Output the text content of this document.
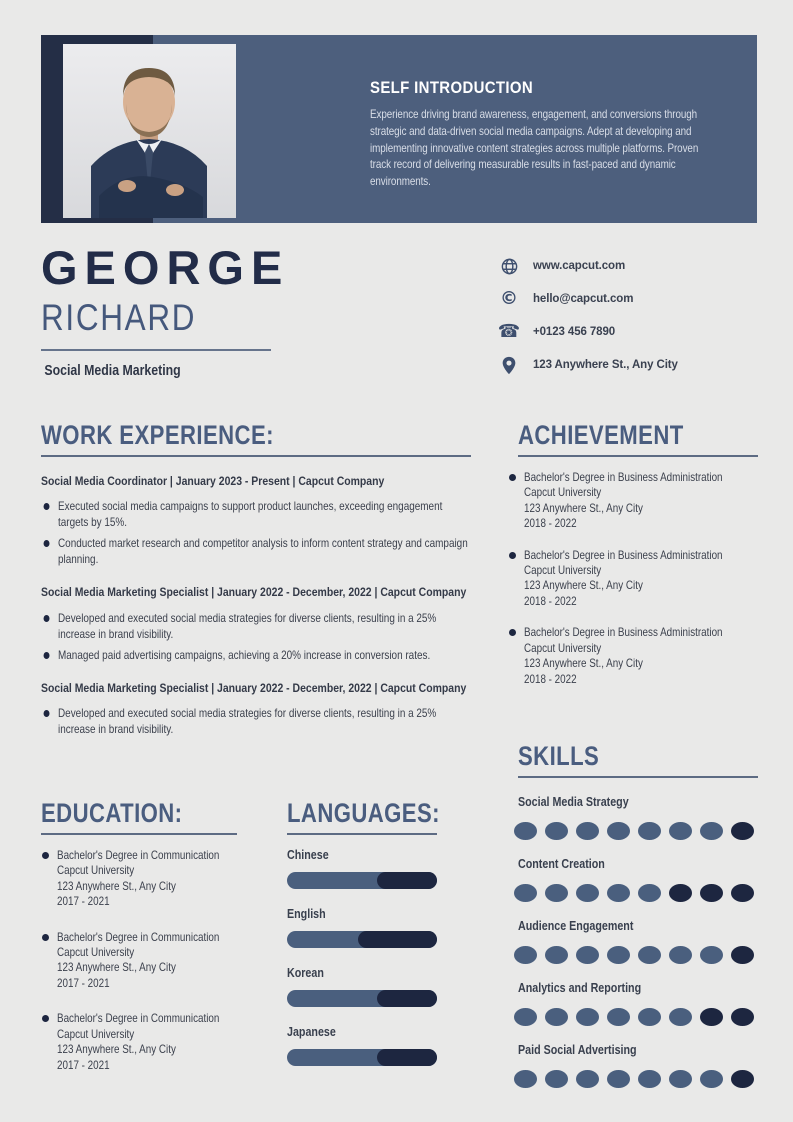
SELF INTRODUCTION

Experience driving brand awareness, engagement, and conversions through strategic and data-driven social media campaigns. Adept at developing and implementing innovative content strategies across multiple platforms. Proven track record of delivering measurable results in fast-paced and dynamic environments.

GEORGE
RICHARD
Social Media Marketing
www.capcut.com
© hello@capcut.com
☎ +0123 456 7890
123 Anywhere St., Any City
WORK EXPERIENCE:
Social Media Coordinator | January 2023 - Present | Capcut Company
Executed social media campaigns to support product launches, exceeding engagement targets by 15%.
Conducted market research and competitor analysis to inform content strategy and campaign planning.
Social Media Marketing Specialist | January 2022 - December, 2022 | Capcut Company
Developed and executed social media strategies for diverse clients, resulting in a 25% increase in brand visibility.
Managed paid advertising campaigns, achieving a 20% increase in conversion rates.
Social Media Marketing Specialist | January 2022 - December, 2022 | Capcut Company
Developed and executed social media strategies for diverse clients, resulting in a 25% increase in brand visibility.
ACHIEVEMENT
Bachelor's Degree in Business Administration
Capcut University
123 Anywhere St., Any City
2018 - 2022
Bachelor's Degree in Business Administration
Capcut University
123 Anywhere St., Any City
2018 - 2022
Bachelor's Degree in Business Administration
Capcut University
123 Anywhere St., Any City
2018 - 2022
SKILLS
Social Media Strategy
Content Creation
Audience Engagement
Analytics and Reporting
Paid Social Advertising
EDUCATION:
Bachelor's Degree in Communication
Capcut University
123 Anywhere St., Any City
2017 - 2021
Bachelor's Degree in Communication
Capcut University
123 Anywhere St., Any City
2017 - 2021
Bachelor's Degree in Communication
Capcut University
123 Anywhere St., Any City
2017 - 2021
LANGUAGES:
Chinese
English
Korean
Japanese
